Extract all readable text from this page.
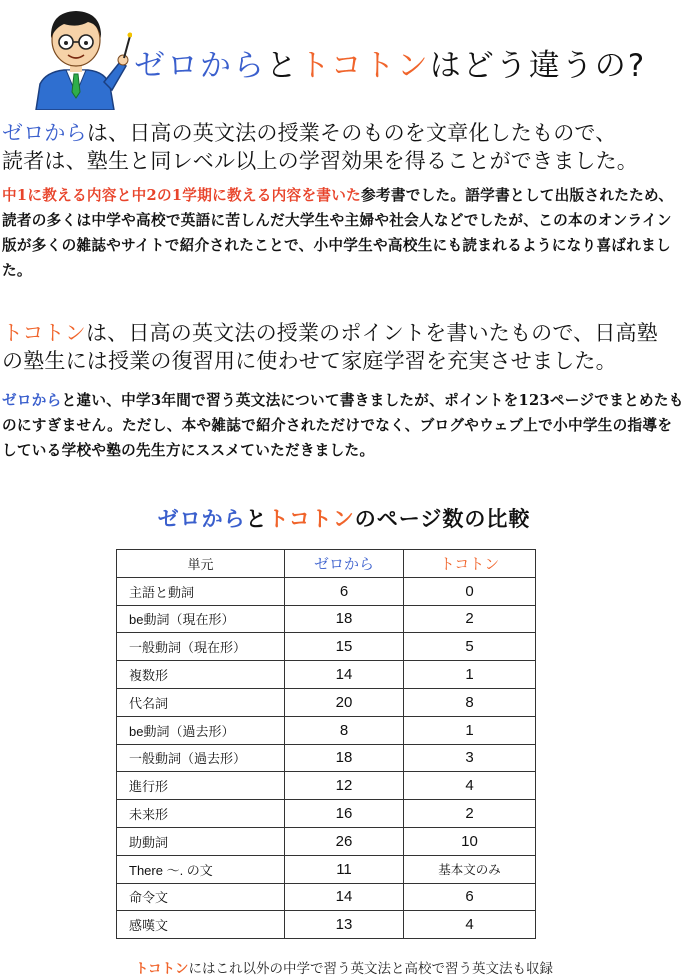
ゼロからとトコトンはどう違うの?

ゼロからは、日高の英文法の授業そのものを文章化したもので、
読者は、塾生と同レベル以上の学習効果を得ることができました。

中1に教える内容と中2の1学期に教える内容を書いた参考書でした。語学書として出版されたため、読者の多くは中学や高校で英語に苦しんだ大学生や主婦や社会人などでしたが、この本のオンライン版が多くの雑誌やサイトで紹介されたことで、小中学生や高校生にも読まれるようになり喜ばれました。

トコトンは、日高の英文法の授業のポイントを書いたもので、日高塾
の塾生には授業の復習用に使わせて家庭学習を充実させました。

ゼロからと違い、中学3年間で習う英文法について書きましたが、ポイントを123ページでまとめたものにすぎません。ただし、本や雑誌で紹介されただけでなく、ブログやウェブ上で小中学生の指導をしている学校や塾の先生方にススメていただきました。

ゼロからとトコトンのページ数の比較
単元	ゼロから	トコトン
主語と動詞	6	0
be動詞（現在形）	18	2
一般動詞（現在形）	15	5
複数形	14	1
代名詞	20	8
be動詞（過去形）	8	1
一般動詞（過去形）	18	3
進行形	12	4
未来形	16	2
助動詞	26	10
There 〜. の文	11	基本文のみ
命令文	14	6
感嘆文	13	4

トコトンにはこれ以外の中学で習う英文法と高校で習う英文法も収録
